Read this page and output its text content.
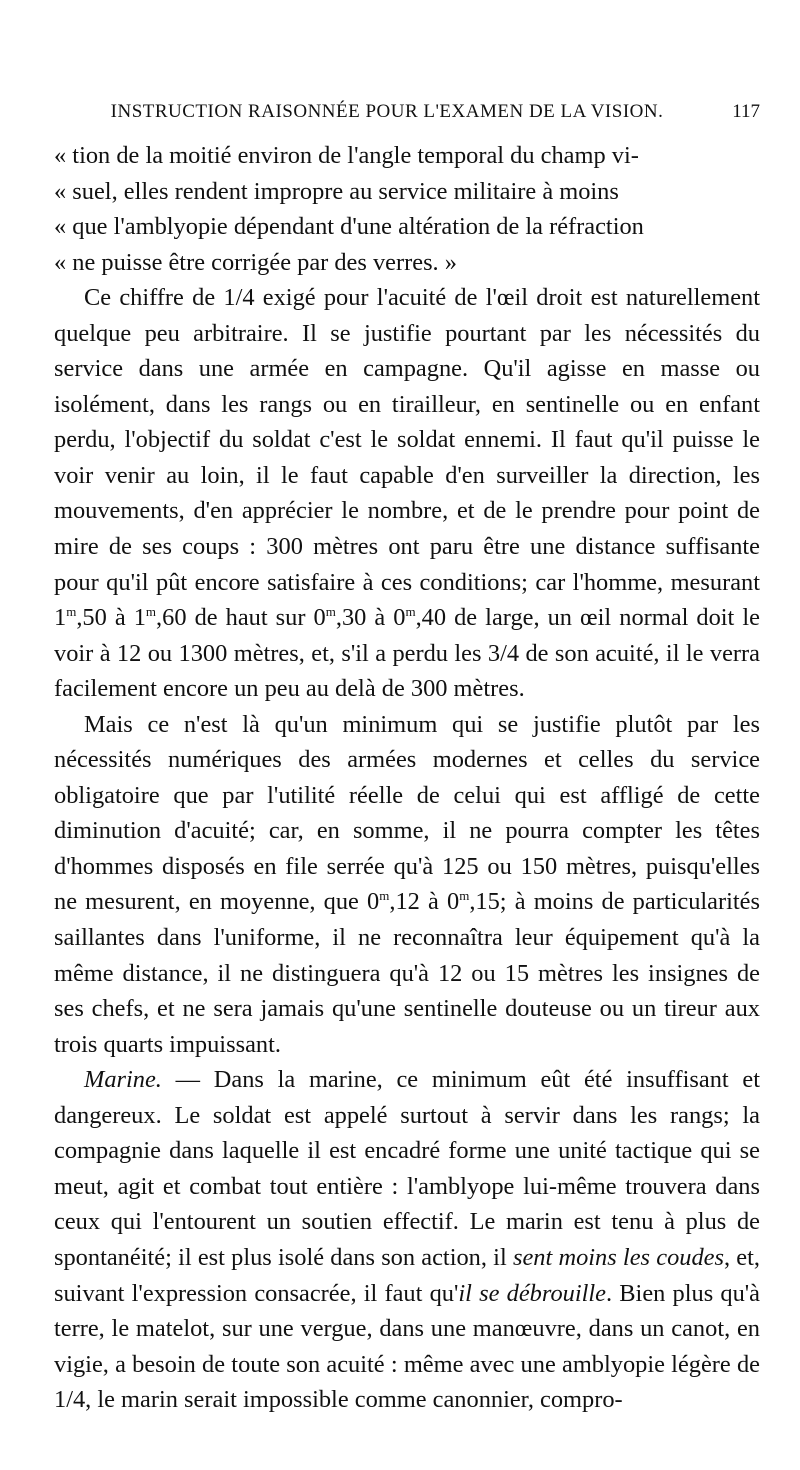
INSTRUCTION RAISONNÉE POUR L'EXAMEN DE LA VISION.	117

« tion de la moitié environ de l'angle temporal du champ vi-
« suel, elles rendent impropre au service militaire à moins
« que l'amblyopie dépendant d'une altération de la réfraction
« ne puisse être corrigée par des verres. »

Ce chiffre de 1/4 exigé pour l'acuité de l'œil droit est naturellement quelque peu arbitraire. Il se justifie pourtant par les nécessités du service dans une armée en campagne. Qu'il agisse en masse ou isolément, dans les rangs ou en tirailleur, en sentinelle ou en enfant perdu, l'objectif du soldat c'est le soldat ennemi. Il faut qu'il puisse le voir venir au loin, il le faut capable d'en surveiller la direction, les mouvements, d'en apprécier le nombre, et de le prendre pour point de mire de ses coups : 300 mètres ont paru être une distance suffisante pour qu'il pût encore satisfaire à ces conditions; car l'homme, mesurant 1$^m$,50 à 1$^m$,60 de haut sur 0$^m$,30 à 0$^m$,40 de large, un œil normal doit le voir à 12 ou 1300 mètres, et, s'il a perdu les 3/4 de son acuité, il le verra facilement encore un peu au delà de 300 mètres.

Mais ce n'est là qu'un minimum qui se justifie plutôt par les nécessités numériques des armées modernes et celles du service obligatoire que par l'utilité réelle de celui qui est affligé de cette diminution d'acuité; car, en somme, il ne pourra compter les têtes d'hommes disposés en file serrée qu'à 125 ou 150 mètres, puisqu'elles ne mesurent, en moyenne, que 0$^m$,12 à 0$^m$,15; à moins de particularités saillantes dans l'uniforme, il ne reconnaîtra leur équipement qu'à la même distance, il ne distinguera qu'à 12 ou 15 mètres les insignes de ses chefs, et ne sera jamais qu'une sentinelle douteuse ou un tireur aux trois quarts impuissant.

Marine. — Dans la marine, ce minimum eût été insuffisant et dangereux. Le soldat est appelé surtout à servir dans les rangs; la compagnie dans laquelle il est encadré forme une unité tactique qui se meut, agit et combat tout entière : l'amblyope lui-même trouvera dans ceux qui l'entourent un soutien effectif. Le marin est tenu à plus de spontanéité; il est plus isolé dans son action, il sent moins les coudes, et, suivant l'expression consacrée, il faut qu'il se débrouille. Bien plus qu'à terre, le matelot, sur une vergue, dans une manœuvre, dans un canot, en vigie, a besoin de toute son acuité : même avec une amblyopie légère de 1/4, le marin serait impossible comme canonnier, compro-
